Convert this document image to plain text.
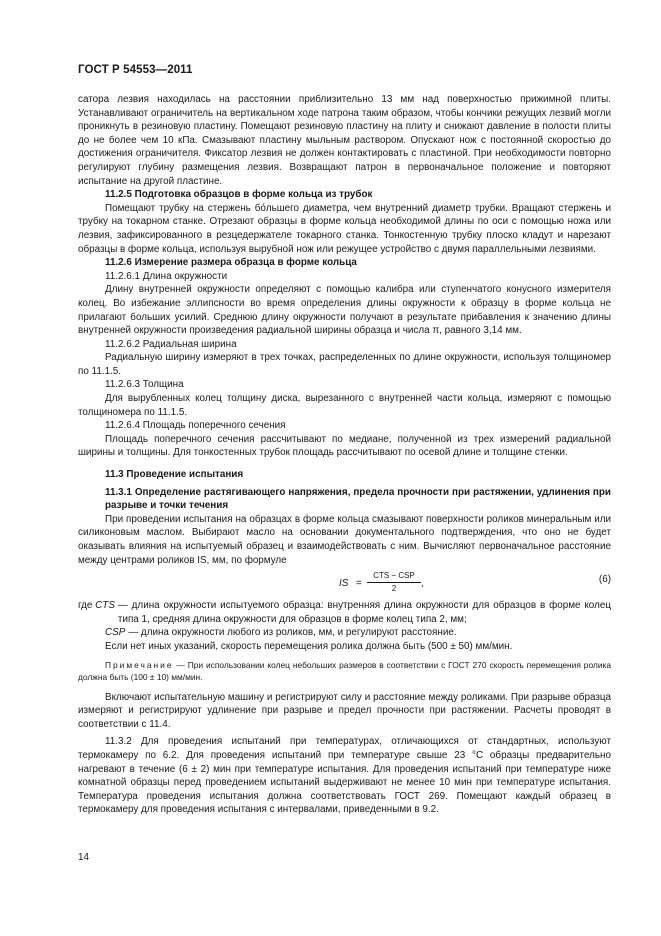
ГОСТ Р 54553—2011

сатора лезвия находилась на расстоянии приблизительно 13 мм над поверхностью прижимной плиты. Устанавливают ограничитель на вертикальном ходе патрона таким образом, чтобы кончики режущих лезвий могли проникнуть в резиновую пластину. Помещают резиновую пластину на плиту и снижают давление в полости плиты до не более чем 10 кПа. Смазывают пластину мыльным раствором. Опускают нож с постоянной скоростью до достижения ограничителя. Фиксатор лезвия не должен контактировать с пластиной. При необходимости повторно регулируют глубину размещения лезвия. Возвращают патрон в первоначальное положение и повторяют испытание на другой пластине.

11.2.5 Подготовка образцов в форме кольца из трубок

Помещают трубку на стержень бо́льшего диаметра, чем внутренний диаметр трубки. Вращают стержень и трубку на токарном станке. Отрезают образцы в форме кольца необходимой длины по оси с помощью ножа или лезвия, зафиксированного в резцедержателе токарного станка. Тонкостенную трубку плоско кладут и нарезают образцы в форме кольца, используя вырубной нож или режущее устройство с двумя параллельными лезвиями.

11.2.6 Измерение размера образца в форме кольца
11.2.6.1 Длина окружности

Длину внутренней окружности определяют с помощью калибра или ступенчатого конусного измерителя колец. Во избежание эллипсности во время определения длины окружности к образцу в форме кольца не прилагают больших усилий. Среднюю длину окружности получают в результате прибавления к значению длины внутренней окружности произведения радиальной ширины образца и числа π, равного 3,14 мм.

11.2.6.2 Радиальная ширина

Радиальную ширину измеряют в трех точках, распределенных по длине окружности, используя толщиномер по 11.1.5.

11.2.6.3 Толщина

Для вырубленных колец толщину диска, вырезанного с внутренней части кольца, измеряют с помощью толщиномера по 11.1.5.

11.2.6.4 Площадь поперечного сечения

Площадь поперечного сечения рассчитывают по медиане, полученной из трех измерений радиальной ширины и толщины. Для тонкостенных трубок площадь рассчитывают по осевой длине и толщине стенки.

11.3 Проведение испытания
11.3.1 Определение растягивающего напряжения, предела прочности при растяжении, удлинения при разрыве и точки течения

При проведении испытания на образцах в форме кольца смазывают поверхности роликов минеральным или силиконовым маслом. Выбирают масло на основании документального подтверждения, что оно не будет оказывать влияния на испытуемый образец и взаимодействовать с ним. Вычисляют первоначальное расстояние между центрами роликов IS, мм, по формуле

IS =
CTS − CSP
2	,	(6)
где CTS — длина окружности испытуемого образца: внутренняя длина окружности для образцов в форме колец типа 1, средняя длина окружности для образцов в форме колец типа 2, мм;
CSP — длина окружности любого из роликов, мм, и регулируют расстояние.

Если нет иных указаний, скорость перемещения ролика должна быть (500 ± 50) мм/мин.

Примечание — При использовании колец небольших размеров в соответствии с ГОСТ 270 скорость перемещения ролика должна быть (100 ± 10) мм/мин.

Включают испытательную машину и регистрируют силу и расстояние между роликами. При разрыве образца измеряют и регистрируют удлинение при разрыве и предел прочности при растяжении. Расчеты проводят в соответствии с 11.4.

11.3.2 Для проведения испытаний при температурах, отличающихся от стандартных, используют термокамеру по 6.2. Для проведения испытаний при температуре свыше 23 °С образцы предварительно нагревают в течение (6 ± 2) мин при температуре испытания. Для проведения испытаний при температуре ниже комнатной образцы перед проведением испытаний выдерживают не менее 10 мин при температуре испытания. Температура проведения испытания должна соответствовать ГОСТ 269. Помещают каждый образец в термокамеру для проведения испытания с интервалами, приведенными в 9.2.

14
